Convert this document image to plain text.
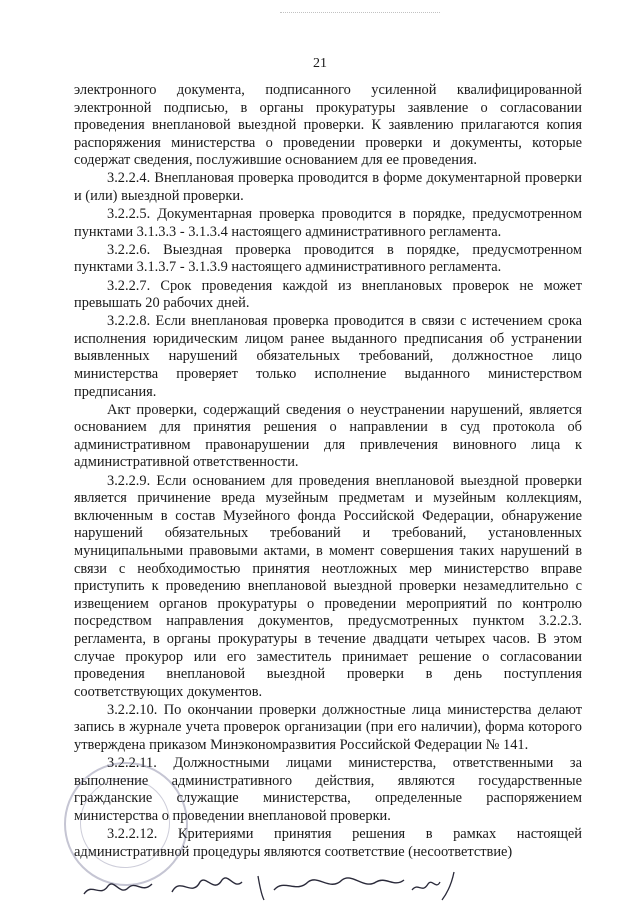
21

электронного документа, подписанного усиленной квалифицированной электронной подписью, в органы прокуратуры заявление о согласовании проведения внеплановой выездной проверки. К заявлению прилагаются копия распоряжения министерства о проведении проверки и документы, которые содержат сведения, послужившие основанием для ее проведения.

3.2.2.4. Внеплановая проверка проводится в форме документарной проверки и (или) выездной проверки.

3.2.2.5. Документарная проверка проводится в порядке, предусмотренном пунктами 3.1.3.3 - 3.1.3.4 настоящего административного регламента.

3.2.2.6. Выездная проверка проводится в порядке, предусмотренном пунктами 3.1.3.7 - 3.1.3.9 настоящего административного регламента.

3.2.2.7. Срок проведения каждой из внеплановых проверок не может превышать 20 рабочих дней.

3.2.2.8. Если внеплановая проверка проводится в связи с истечением срока исполнения юридическим лицом ранее выданного предписания об устранении выявленных нарушений обязательных требований, должностное лицо министерства проверяет только исполнение выданного министерством предписания.

Акт проверки, содержащий сведения о неустранении нарушений, является основанием для принятия решения о направлении в суд протокола об административном правонарушении для привлечения виновного лица к административной ответственности.

3.2.2.9. Если основанием для проведения внеплановой выездной проверки является причинение вреда музейным предметам и музейным коллекциям, включенным в состав Музейного фонда Российской Федерации, обнаружение нарушений обязательных требований и требований, установленных муниципальными правовыми актами, в момент совершения таких нарушений в связи с необходимостью принятия неотложных мер министерство вправе приступить к проведению внеплановой выездной проверки незамедлительно с извещением органов прокуратуры о проведении мероприятий по контролю посредством направления документов, предусмотренных пунктом 3.2.2.3. регламента, в органы прокуратуры в течение двадцати четырех часов. В этом случае прокурор или его заместитель принимает решение о согласовании проведения внеплановой выездной проверки в день поступления соответствующих документов.

3.2.2.10. По окончании проверки должностные лица министерства делают запись в журнале учета проверок организации (при его наличии), форма которого утверждена приказом Минэкономразвития Российской Федерации № 141.

3.2.2.11. Должностными лицами министерства, ответственными за выполнение административного действия, являются государственные гражданские служащие министерства, определенные распоряжением министерства о проведении внеплановой проверки.

3.2.2.12. Критериями принятия решения в рамках настоящей административной процедуры являются соответствие (несоответствие)
